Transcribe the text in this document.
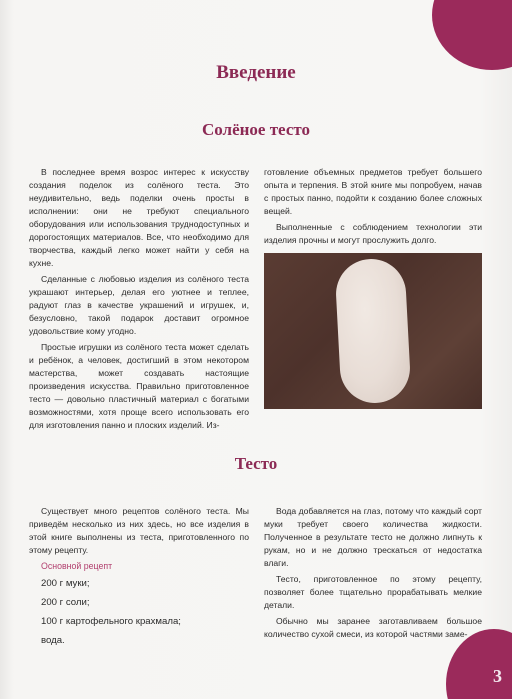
3
Введение
Солёное тесто

В последнее время возрос интерес к искусству создания поделок из солёного теста. Это неудивительно, ведь поделки очень просты в исполнении: они не требуют специального оборудования или использования труднодоступных и дорогостоящих материалов. Все, что необходимо для творчества, каждый легко может найти у себя на кухне.

Сделанные с любовью изделия из солёного теста украшают интерьер, делая его уютнее и теплее, радуют глаз в качестве украшений и игрушек, и, безусловно, такой подарок доставит огромное удовольствие кому угодно.

Простые игрушки из солёного теста может сделать и ребёнок, а человек, достигший в этом некотором мастерства, может создавать настоящие произведения искусства. Правильно приготовленное тесто — довольно пластичный материал с богатыми возможностями, хотя проще всего использовать его для изготовления панно и плоских изделий. Из-

готовление объемных предметов требует большего опыта и терпения. В этой книге мы попробуем, начав с простых панно, подойти к созданию более сложных вещей.

Выполненные с соблюдением технологии эти изделия прочны и могут прослужить долго.

Тесто

Существует много рецептов солёного теста. Мы приведём несколько из них здесь, но все изделия в этой книге выполнены из теста, приготовленного по этому рецепту.

Основной рецепт

200 г муки;

200 г соли;

100 г картофельного крахмала;

вода.

Вода добавляется на глаз, потому что каждый сорт муки требует своего количества жидкости. Полученное в результате тесто не должно липнуть к рукам, но и не должно трескаться от недостатка влаги.

Тесто, приготовленное по этому рецепту, позволяет более тщательно прорабатывать мелкие детали.

Обычно мы заранее заготавливаем большое количество сухой смеси, из которой частями заме-
